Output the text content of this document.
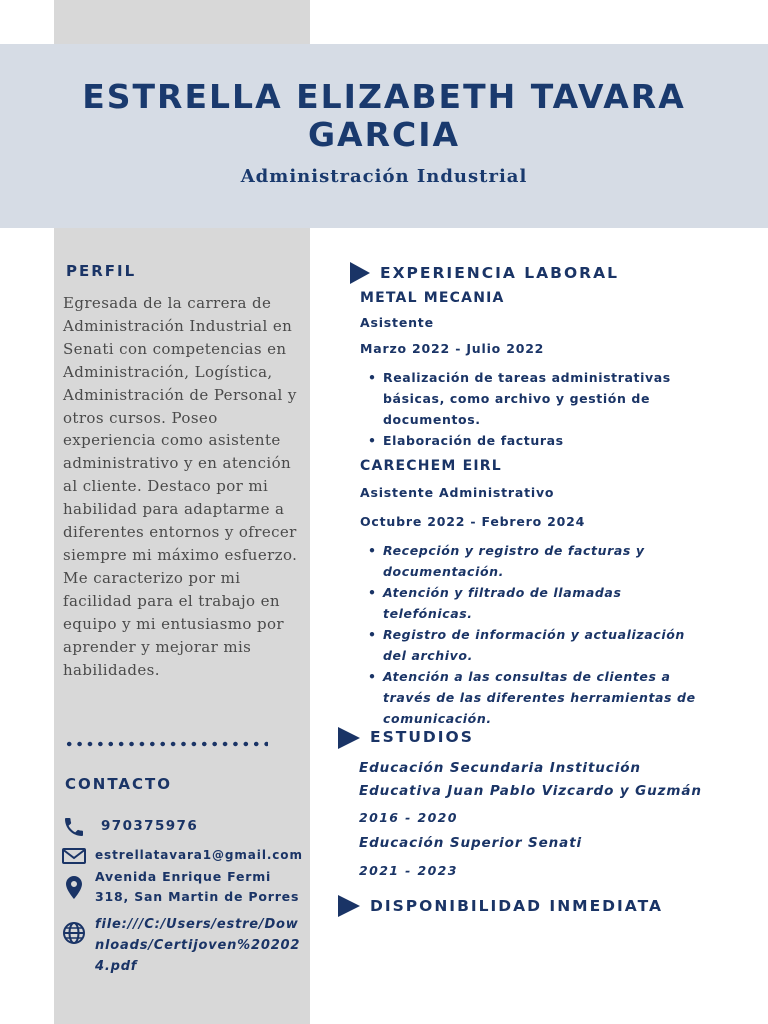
ESTRELLA ELIZABETH TAVARA GARCIA
Administración Industrial
PERFIL
Egresada de la carrera de Administración Industrial en Senati con competencias en Administración, Logística, Administración de Personal y otros cursos. Poseo experiencia como asistente administrativo y en atención al cliente. Destaco por mi habilidad para adaptarme a diferentes entornos y ofrecer siempre mi máximo esfuerzo. Me caracterizo por mi facilidad para el trabajo en equipo y mi entusiasmo por aprender y mejorar mis habilidades.
CONTACTO
970375976
estrellatavara1@gmail.com
Avenida Enrique Fermi
318, San Martin de Porres
file:///C:/Users/estre/Downloads/Certijoven%202024.pdf
EXPERIENCIA LABORAL
METAL MECANIA
Asistente
Marzo 2022 - Julio 2022
• Realización de tareas administrativas básicas, como archivo y gestión de documentos.
• Elaboración de facturas
CARECHEM EIRL
Asistente Administrativo
Octubre 2022 - Febrero 2024
• Recepción y registro de facturas y documentación.
• Atención y filtrado de llamadas telefónicas.
• Registro de información y actualización del archivo.
• Atención a las consultas de clientes a través de las diferentes herramientas de comunicación.
ESTUDIOS
Educación Secundaria Institución Educativa Juan Pablo Vizcardo y Guzmán
2016 - 2020
Educación Superior Senati
2021 - 2023
DISPONIBILIDAD INMEDIATA
